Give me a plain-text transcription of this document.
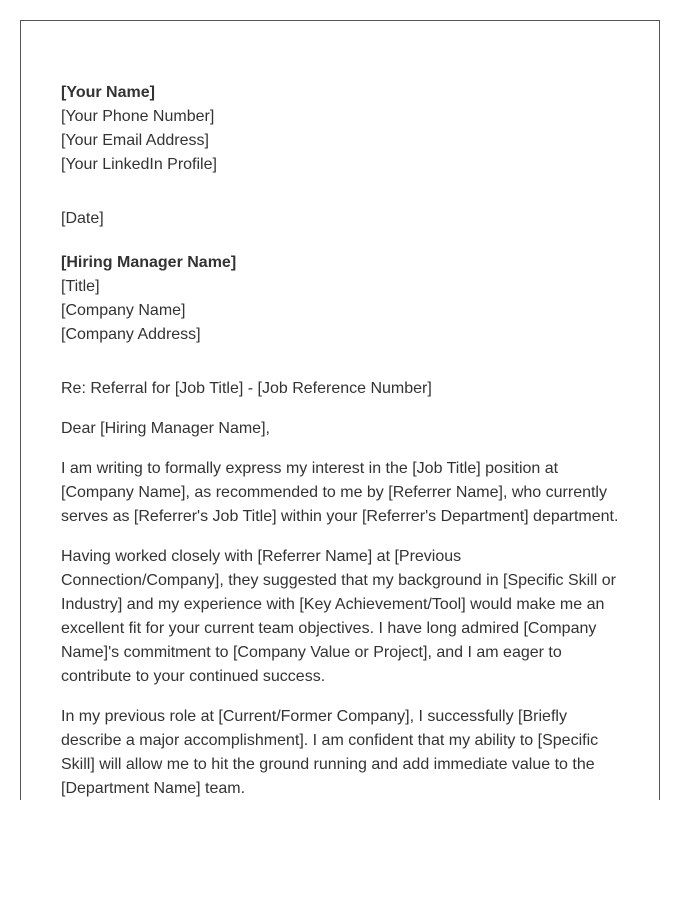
[Your Name]
[Your Phone Number]
[Your Email Address]
[Your LinkedIn Profile]
[Date]
[Hiring Manager Name]
[Title]
[Company Name]
[Company Address]

Re: Referral for [Job Title] - [Job Reference Number]

Dear [Hiring Manager Name],

I am writing to formally express my interest in the [Job Title] position at [Company Name], as recommended to me by [Referrer Name], who currently serves as [Referrer's Job Title] within your [Referrer's Department] department.

Having worked closely with [Referrer Name] at [Previous Connection/Company], they suggested that my background in [Specific Skill or Industry] and my experience with [Key Achievement/Tool] would make me an excellent fit for your current team objectives. I have long admired [Company Name]'s commitment to [Company Value or Project], and I am eager to contribute to your continued success.

In my previous role at [Current/Former Company], I successfully [Briefly describe a major accomplishment]. I am confident that my ability to [Specific Skill] will allow me to hit the ground running and add immediate value to the [Department Name] team.
